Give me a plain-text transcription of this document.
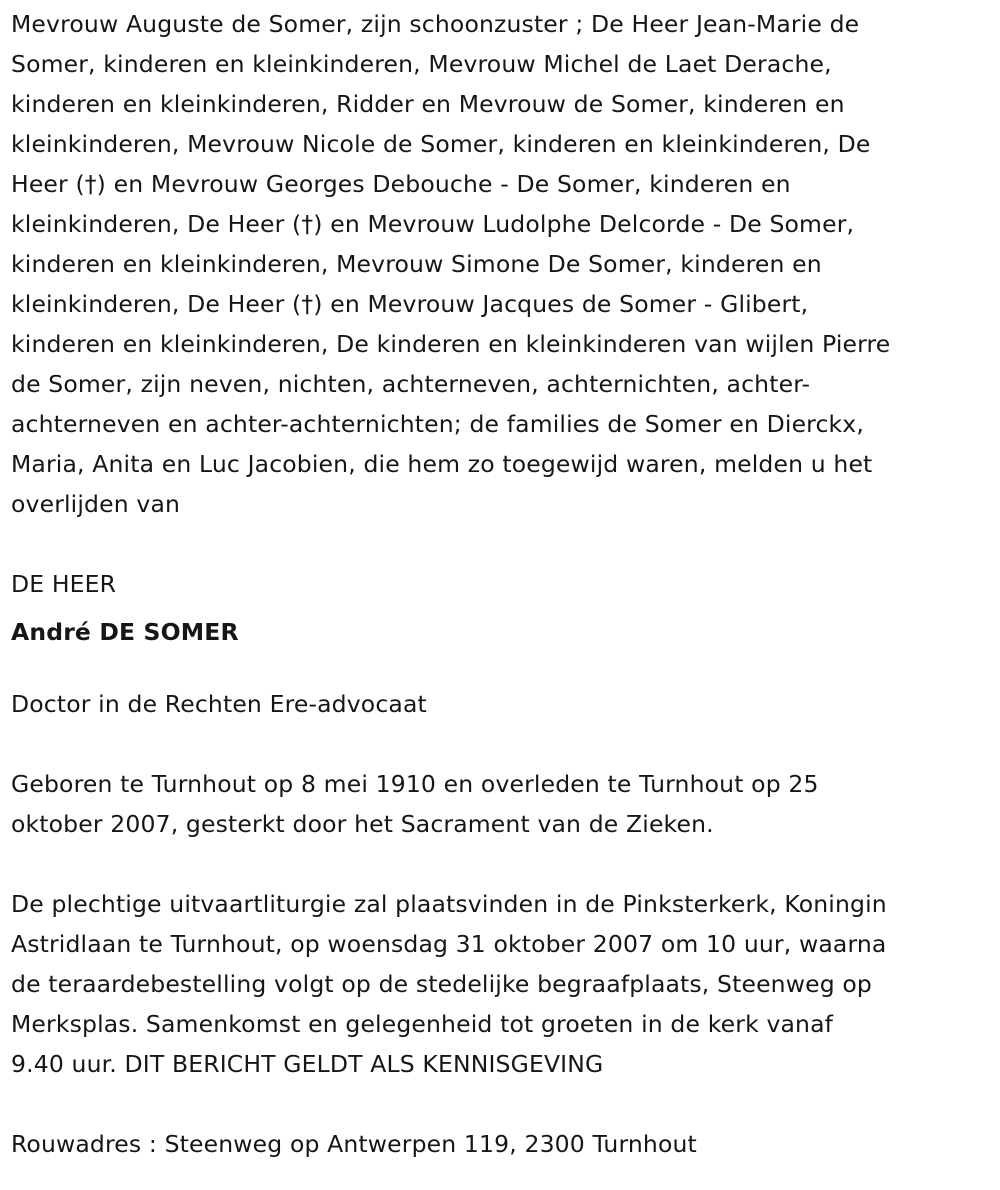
Mevrouw Auguste de Somer, zijn schoonzuster ; De Heer Jean-Marie de
Somer, kinderen en kleinkinderen, Mevrouw Michel de Laet Derache,
kinderen en kleinkinderen, Ridder en Mevrouw de Somer, kinderen en
kleinkinderen, Mevrouw Nicole de Somer, kinderen en kleinkinderen, De
Heer (†) en Mevrouw Georges Debouche - De Somer, kinderen en
kleinkinderen, De Heer (†) en Mevrouw Ludolphe Delcorde - De Somer,
kinderen en kleinkinderen, Mevrouw Simone De Somer, kinderen en
kleinkinderen, De Heer (†) en Mevrouw Jacques de Somer - Glibert,
kinderen en kleinkinderen, De kinderen en kleinkinderen van wijlen Pierre
de Somer, zijn neven, nichten, achterneven, achternichten, achter-
achterneven en achter-achternichten; de families de Somer en Dierckx,
Maria, Anita en Luc Jacobien, die hem zo toegewijd waren, melden u het
overlijden van

DE HEER

André DE SOMER

Doctor in de Rechten Ere-advocaat

Geboren te Turnhout op 8 mei 1910 en overleden te Turnhout op 25
oktober 2007, gesterkt door het Sacrament van de Zieken.

De plechtige uitvaartliturgie zal plaatsvinden in de Pinksterkerk, Koningin
Astridlaan te Turnhout, op woensdag 31 oktober 2007 om 10 uur, waarna
de teraardebestelling volgt op de stedelijke begraafplaats, Steenweg op
Merksplas. Samenkomst en gelegenheid tot groeten in de kerk vanaf
9.40 uur. DIT BERICHT GELDT ALS KENNISGEVING

Rouwadres : Steenweg op Antwerpen 119, 2300 Turnhout
